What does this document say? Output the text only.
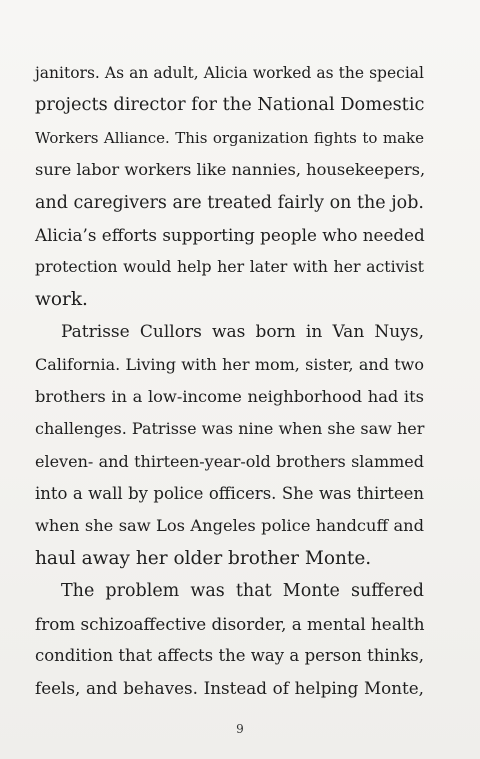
janitors. As an adult, Alicia worked as the special
projects director for the National Domestic
Workers Alliance. This organization fights to make
sure labor workers like nannies, housekeepers,
and caregivers are treated fairly on the job.
Alicia’s efforts supporting people who needed
protection would help her later with her activist
work.

Patrisse Cullors was born in Van Nuys,
California. Living with her mom, sister, and two
brothers in a low-income neighborhood had its
challenges. Patrisse was nine when she saw her
eleven- and thirteen-year-old brothers slammed
into a wall by police officers. She was thirteen
when she saw Los Angeles police handcuff and
haul away her older brother Monte.

The problem was that Monte suffered
from schizoaffective disorder, a mental health
condition that affects the way a person thinks,
feels, and behaves. Instead of helping Monte,

9
